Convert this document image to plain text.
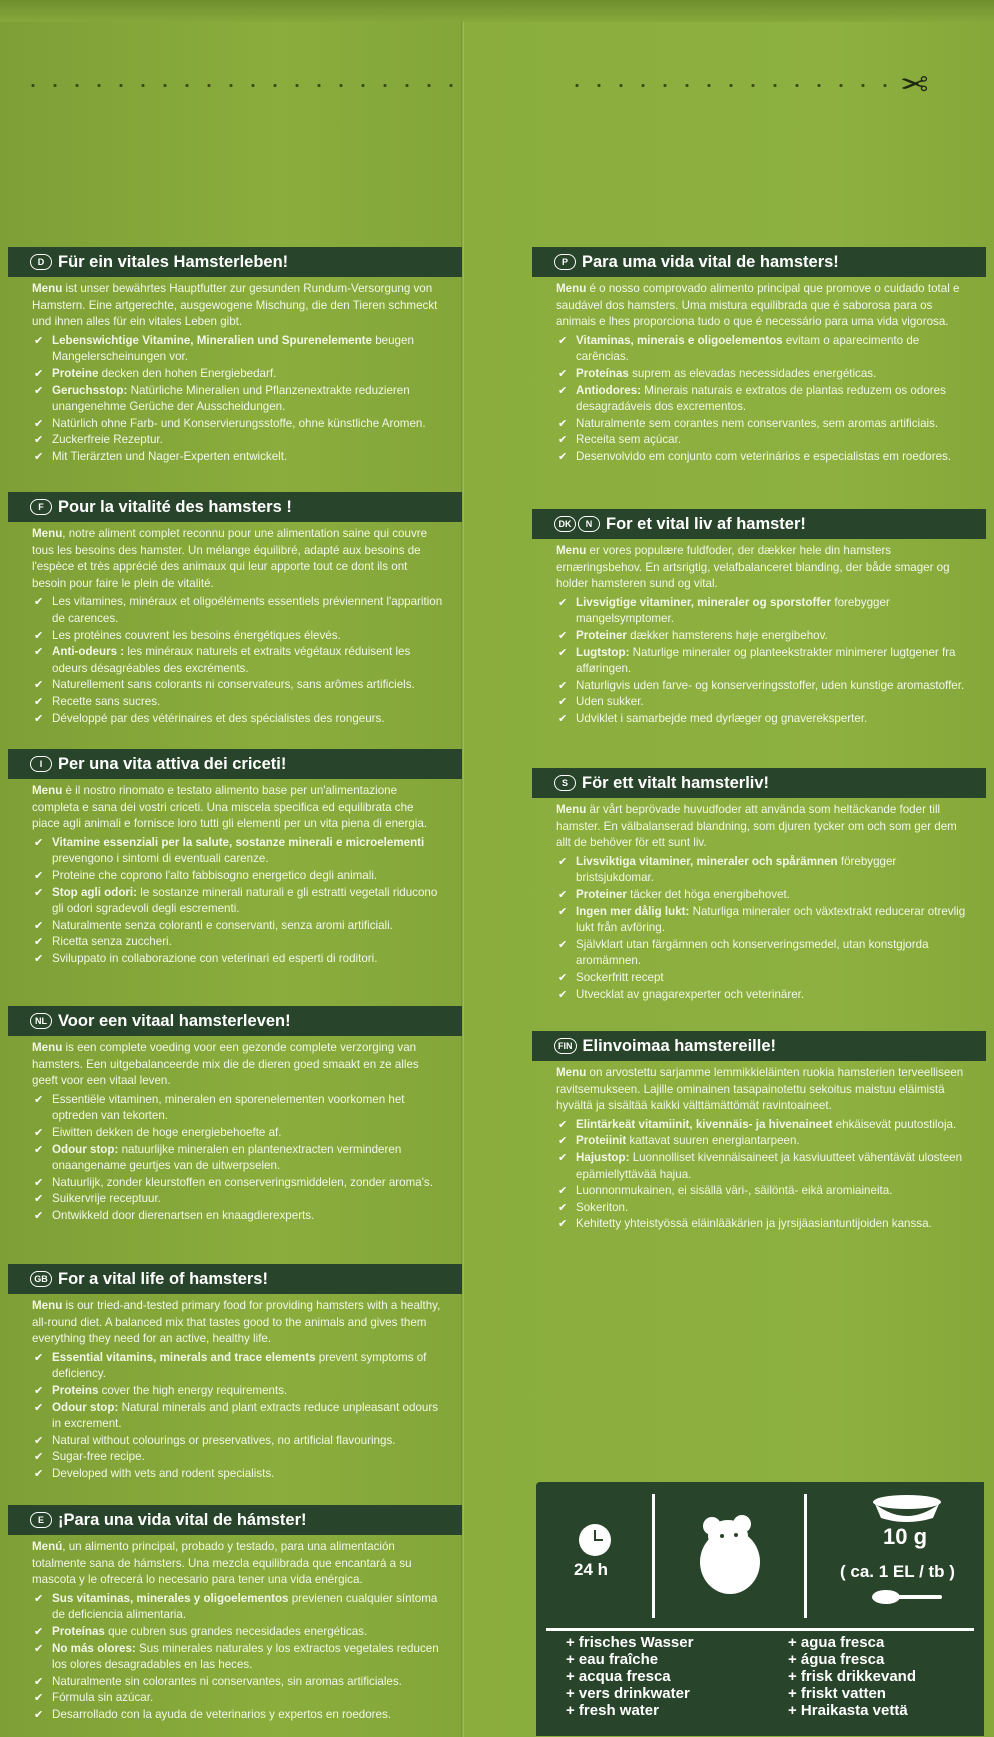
✂
D Für ein vitales Hamsterleben!

Menu ist unser bewährtes Hauptfutter zur gesunden Rundum-Versorgung von Hamstern. Eine artgerechte, ausgewogene Mischung, die den Tieren schmeckt und ihnen alles für ein vitales Leben gibt.

✔ Lebenswichtige Vitamine, Mineralien und Spurenelemente beugen Mangelerscheinungen vor.
✔ Proteine decken den hohen Energiebedarf.
✔ Geruchsstop: Natürliche Mineralien und Pflanzenextrakte reduzieren unangenehme Gerüche der Ausscheidungen.
✔ Natürlich ohne Farb- und Konservierungsstoffe, ohne künstliche Aromen.
✔ Zuckerfreie Rezeptur.
✔ Mit Tierärzten und Nager-Experten entwickelt.
F Pour la vitalité des hamsters !

Menu, notre aliment complet reconnu pour une alimentation saine qui couvre tous les besoins des hamster. Un mélange équilibré, adapté aux besoins de l'espèce et très apprécié des animaux qui leur apporte tout ce dont ils ont besoin pour faire le plein de vitalité.

✔ Les vitamines, minéraux et oligoéléments essentiels préviennent l'apparition de carences.
✔ Les protéines couvrent les besoins énergétiques élevés.
✔ Anti-odeurs : les minéraux naturels et extraits végétaux réduisent les odeurs désagréables des excréments.
✔ Naturellement sans colorants ni conservateurs, sans arômes artificiels.
✔ Recette sans sucres.
✔ Développé par des vétérinaires et des spécialistes des rongeurs.
I Per una vita attiva dei criceti!

Menu è il nostro rinomato e testato alimento base per un'alimentazione completa e sana dei vostri criceti. Una miscela specifica ed equilibrata che piace agli animali e fornisce loro tutti gli elementi per un vita piena di energia.

✔ Vitamine essenziali per la salute, sostanze minerali e microelementi prevengono i sintomi di eventuali carenze.
✔ Proteine che coprono l'alto fabbisogno energetico degli animali.
✔ Stop agli odori: le sostanze minerali naturali e gli estratti vegetali riducono gli odori sgradevoli degli escrementi.
✔ Naturalmente senza coloranti e conservanti, senza aromi artificiali.
✔ Ricetta senza zuccheri.
✔ Sviluppato in collaborazione con veterinari ed esperti di roditori.
NL Voor een vitaal hamsterleven!

Menu is een complete voeding voor een gezonde complete verzorging van hamsters. Een uitgebalanceerde mix die de dieren goed smaakt en ze alles geeft voor een vitaal leven.

✔ Essentiële vitaminen, mineralen en sporenelementen voorkomen het optreden van tekorten.
✔ Eiwitten dekken de hoge energiebehoefte af.
✔ Odour stop: natuurlijke mineralen en plantenextracten verminderen onaangename geurtjes van de uitwerpselen.
✔ Natuurlijk, zonder kleurstoffen en conserveringsmiddelen, zonder aroma's.
✔ Suikervrije receptuur.
✔ Ontwikkeld door dierenartsen en knaagdierexperts.
GB For a vital life of hamsters!

Menu is our tried-and-tested primary food for providing hamsters with a healthy, all-round diet. A balanced mix that tastes good to the animals and gives them everything they need for an active, healthy life.

✔ Essential vitamins, minerals and trace elements prevent symptoms of deficiency.
✔ Proteins cover the high energy requirements.
✔ Odour stop: Natural minerals and plant extracts reduce unpleasant odours in excrement.
✔ Natural without colourings or preservatives, no artificial flavourings.
✔ Sugar-free recipe.
✔ Developed with vets and rodent specialists.
E ¡Para una vida vital de hámster!

Menú, un alimento principal, probado y testado, para una alimentación totalmente sana de hámsters. Una mezcla equilibrada que encantará a su mascota y le ofrecerá lo necesario para tener una vida enérgica.

✔ Sus vitaminas, minerales y oligoelementos previenen cualquier síntoma de deficiencia alimentaria.
✔ Proteínas que cubren sus grandes necesidades energéticas.
✔ No más olores: Sus minerales naturales y los extractos vegetales reducen los olores desagradables en las heces.
✔ Naturalmente sin colorantes ni conservantes, sin aromas artificiales.
✔ Fórmula sin azúcar.
✔ Desarrollado con la ayuda de veterinarios y expertos en roedores.
P Para uma vida vital de hamsters!

Menu é o nosso comprovado alimento principal que promove o cuidado total e saudável dos hamsters. Uma mistura equilibrada que é saborosa para os animais e lhes proporciona tudo o que é necessário para uma vida vigorosa.

✔ Vitaminas, minerais e oligoelementos evitam o aparecimento de carências.
✔ Proteínas suprem as elevadas necessidades energéticas.
✔ Antiodores: Minerais naturais e extratos de plantas reduzem os odores desagradáveis dos excrementos.
✔ Naturalmente sem corantes nem conservantes, sem aromas artificiais.
✔ Receita sem açúcar.
✔ Desenvolvido em conjunto com veterinários e especialistas em roedores.
DK	N For et vital liv af hamster!

Menu er vores populære fuldfoder, der dækker hele din hamsters ernæringsbehov. En artsrigtig, velafbalanceret blanding, der både smager og holder hamsteren sund og vital.

✔ Livsvigtige vitaminer, mineraler og sporstoffer forebygger mangelsymptomer.
✔ Proteiner dækker hamsterens høje energibehov.
✔ Lugtstop: Naturlige mineraler og planteekstrakter minimerer lugtgener fra afføringen.
✔ Naturligvis uden farve- og konserveringsstoffer, uden kunstige aromastoffer.
✔ Uden sukker.
✔ Udviklet i samarbejde med dyrlæger og gnavereksperter.
S För ett vitalt hamsterliv!

Menu är vårt beprövade huvudfoder att använda som heltäckande foder till hamster. En välbalanserad blandning, som djuren tycker om och som ger dem allt de behöver för ett sunt liv.

✔ Livsviktiga vitaminer, mineraler och spårämnen förebygger bristsjukdomar.
✔ Proteiner täcker det höga energibehovet.
✔ Ingen mer dålig lukt: Naturliga mineraler och växtextrakt reducerar otrevlig lukt från avföring.
✔ Självklart utan färgämnen och konserveringsmedel, utan konstgjorda aromämnen.
✔ Sockerfritt recept
✔ Utvecklat av gnagarexperter och veterinärer.
FIN Elinvoimaa hamstereille!

Menu on arvostettu sarjamme lemmikkieläinten ruokia hamsterien terveelliseen ravitsemukseen. Lajille ominainen tasapainotettu sekoitus maistuu eläimistä hyvältä ja sisältää kaikki välttämättömät ravintoaineet.

✔ Elintärkeät vitamiinit, kivennäis- ja hivenaineet ehkäisevät puutostiloja.
✔ Proteiinit kattavat suuren energiantarpeen.
✔ Hajustop: Luonnolliset kivennäisaineet ja kasviuutteet vähentävät ulosteen epämiellyttävää hajua.
✔ Luonnonmukainen, ei sisällä väri-, säilöntä- eikä aromiaineita.
✔ Sokeriton.
✔ Kehitetty yhteistyössä eläinlääkärien ja jyrsijäasiantuntijoiden kanssa.
24 h
10 g
( ca. 1 EL / tb )
+ frisches Wasser
+ eau fraîche
+ acqua fresca
+ vers drinkwater
+ fresh water
+ agua fresca
+ água fresca
+ frisk drikkevand
+ friskt vatten
+ Hraikasta vettä
